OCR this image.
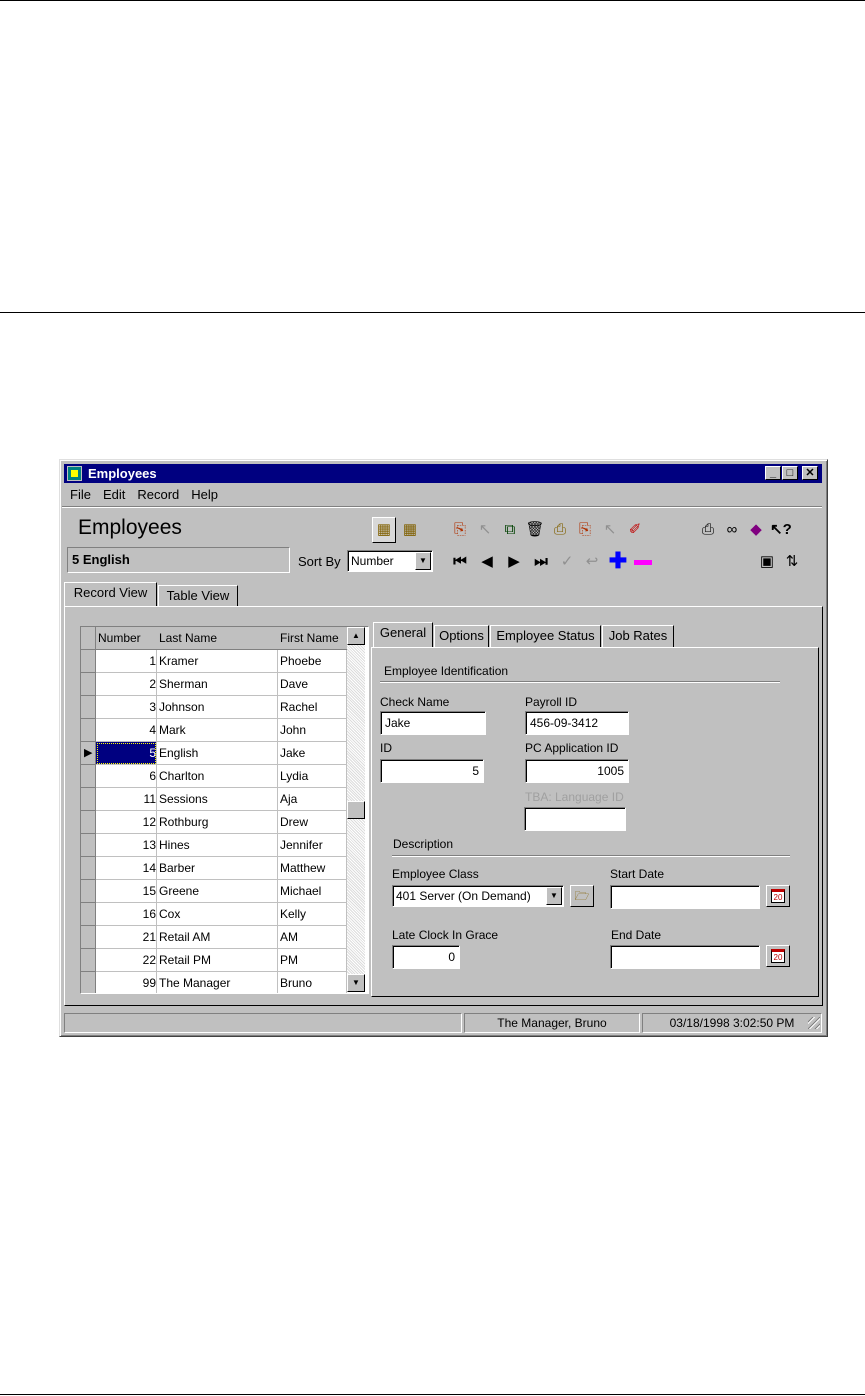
Employees	_ □	✕
File Edit Record Help
Employees
5 English	Sort By Number	▼
▦ ▦ ⎘ ↖ ⧉ 🗑 ⎙ ⎘ ↖ ✐	⎙ ∞ ◆ ↖?
⏮ ◀ ▶ ⏭ ✓ ↩ ✚	▣ ⇅
Record View	Table View
Number	Last Name	First Name
1 Kramer	Phoebe
2 Sherman	Dave
3 Johnson	Rachel
4 Mark	John
▶	5 English	Jake
6 Charlton	Lydia
11 Sessions	Aja
12 Rothburg	Drew
13 Hines	Jennifer
14 Barber	Matthew
15 Greene	Michael
16 Cox	Kelly
21 Retail AM	AM
22 Retail PM	PM
99 The Manager	Bruno
▲
▼
General Options Employee Status	Job Rates
Employee Identification
Check Name
Jake
Payroll ID
456-09-3412
ID
5
PC Application ID
1005
TBA: Language ID
Description
Employee Class
401 Server (On Demand)	▼	🗁
Start Date
20
Late Clock In Grace
0
End Date
20
The Manager, Bruno	03/18/1998 3:02:50 PM
